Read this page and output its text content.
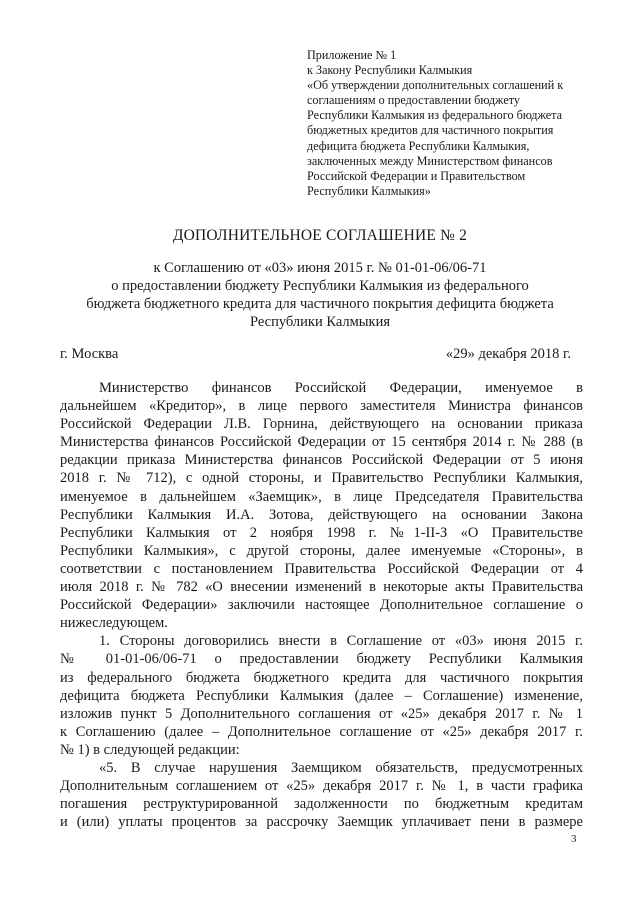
Приложение № 1
к Закону Республики Калмыкия
«Об утверждении дополнительных соглашений к
соглашениям о предоставлении бюджету
Республики Калмыкия из федерального бюджета
бюджетных кредитов для частичного покрытия
дефицита бюджета Республики Калмыкия,
заключенных между Министерством финансов
Российской Федерации и Правительством
Республики Калмыкия»
ДОПОЛНИТЕЛЬНОЕ СОГЛАШЕНИЕ № 2
к Соглашению от «03» июня 2015 г. № 01-01-06/06-71
о предоставлении бюджету Республики Калмыкия из федерального
бюджета бюджетного кредита для частичного покрытия дефицита бюджета
Республики Калмыкия
г. Москва	«29» декабря 2018 г.

Министерство финансов Российской Федерации, именуемое в
дальнейшем «Кредитор», в лице первого заместителя Министра финансов
Российской Федерации Л.В. Горнина, действующего на основании приказа
Министерства финансов Российской Федерации от 15 сентября 2014 г. № 288 (в
редакции приказа Министерства финансов Российской Федерации от 5 июня
2018 г. № 712), с одной стороны, и Правительство Республики Калмыкия,
именуемое в дальнейшем «Заемщик», в лице Председателя Правительства
Республики Калмыкия И.А. Зотова, действующего на основании Закона
Республики Калмыкия от 2 ноября 1998 г. №1-II-З «О Правительстве
Республики Калмыкия», с другой стороны, далее именуемые «Стороны», в
соответствии с постановлением Правительства Российской Федерации от 4
июля 2018 г. № 782 «О внесении изменений в некоторые акты Правительства
Российской Федерации» заключили настоящее Дополнительное соглашение о
нижеследующем.

1. Стороны договорились внести в Соглашение от «03» июня 2015 г.
№ 01-01-06/06-71 о предоставлении бюджету Республики Калмыкия
из федерального бюджета бюджетного кредита для частичного покрытия
дефицита бюджета Республики Калмыкия (далее – Соглашение) изменение,
изложив пункт 5 Дополнительного соглашения от «25» декабря 2017 г. № 1
к Соглашению (далее – Дополнительное соглашение от «25» декабря 2017 г.
№ 1) в следующей редакции:

«5. В случае нарушения Заемщиком обязательств, предусмотренных
Дополнительным соглашением от «25» декабря 2017 г. № 1, в части графика
погашения реструктурированной задолженности по бюджетным кредитам
и (или) уплаты процентов за рассрочку Заемщик уплачивает пени в размере

3
